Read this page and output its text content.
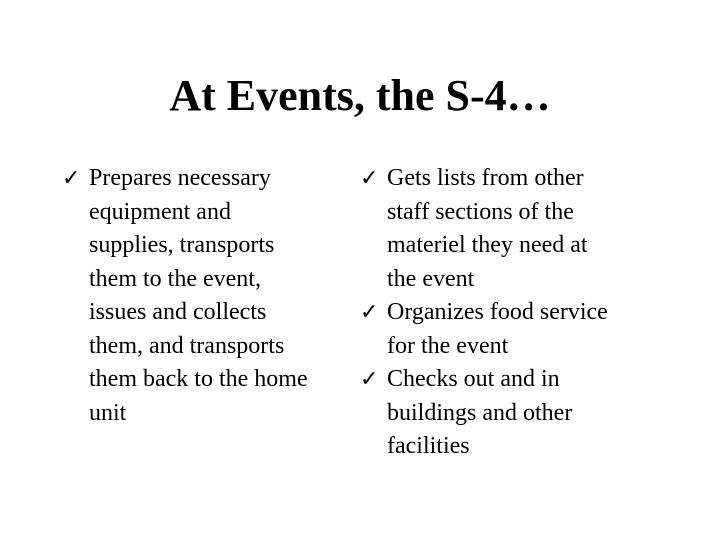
At Events, the S-4…
✓ Prepares necessary
equipment and
supplies, transports
them to the event,
issues and collects
them, and transports
them back to the home
unit
✓ Gets lists from other
staff sections of the
materiel they need at
the event
✓ Organizes food service
for the event
✓ Checks out and in
buildings and other
facilities
